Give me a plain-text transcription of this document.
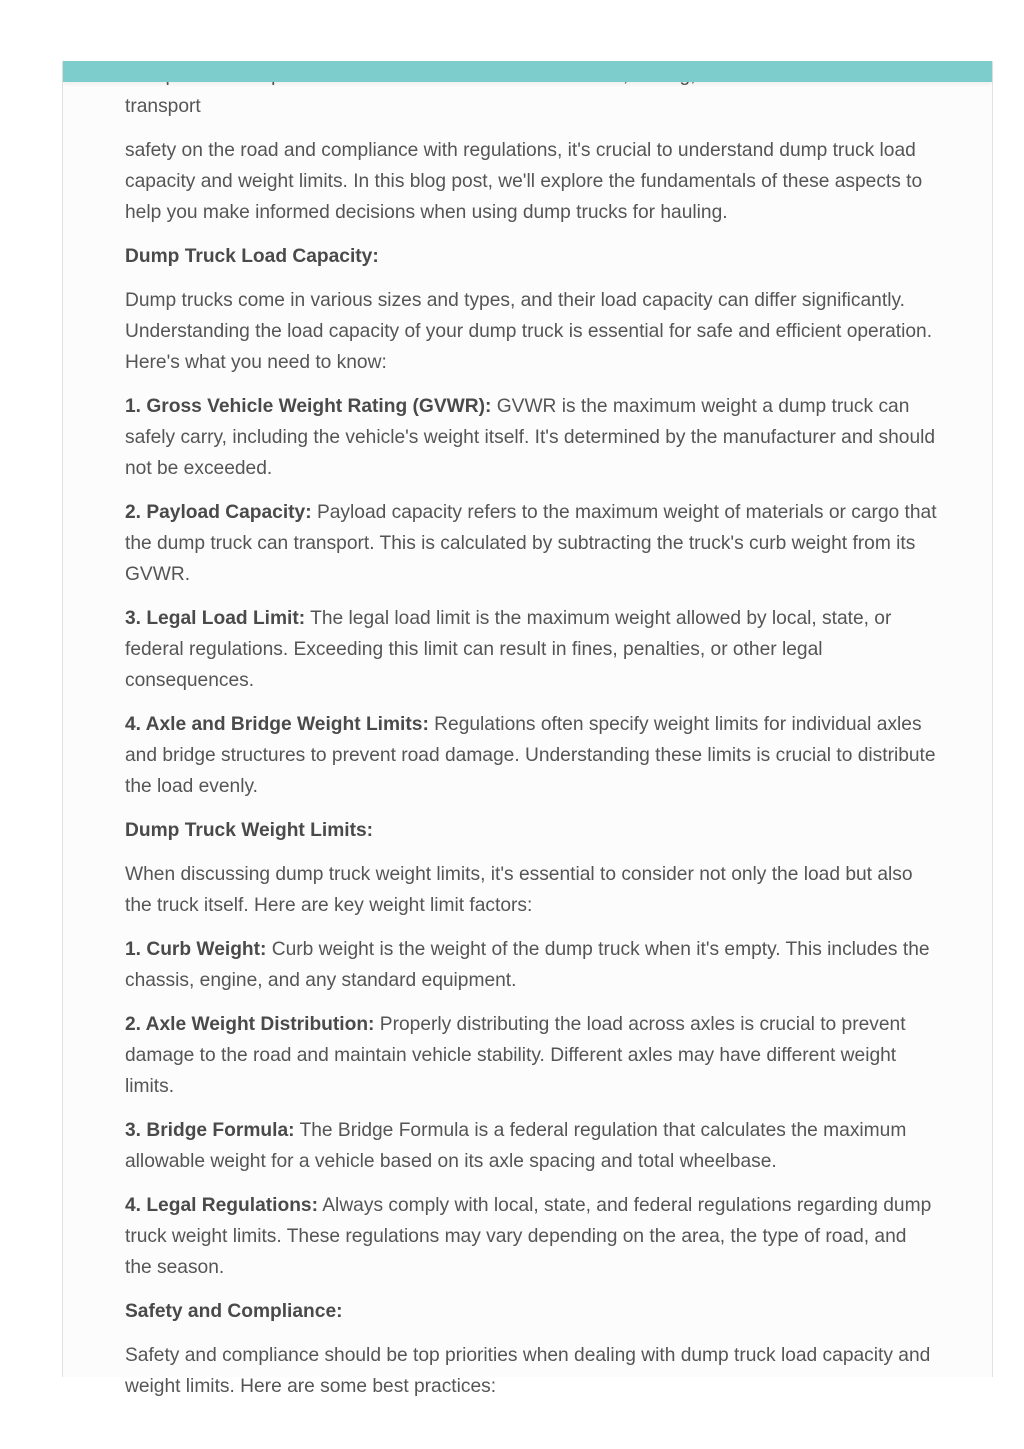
transport

safety on the road and compliance with regulations, it's crucial to understand dump truck load capacity and weight limits. In this blog post, we'll explore the fundamentals of these aspects to help you make informed decisions when using dump trucks for hauling.

Dump Truck Load Capacity:

Dump trucks come in various sizes and types, and their load capacity can differ significantly. Understanding the load capacity of your dump truck is essential for safe and efficient operation. Here's what you need to know:

1. Gross Vehicle Weight Rating (GVWR): GVWR is the maximum weight a dump truck can safely carry, including the vehicle's weight itself. It's determined by the manufacturer and should not be exceeded.

2. Payload Capacity: Payload capacity refers to the maximum weight of materials or cargo that the dump truck can transport. This is calculated by subtracting the truck's curb weight from its GVWR.

3. Legal Load Limit: The legal load limit is the maximum weight allowed by local, state, or federal regulations. Exceeding this limit can result in fines, penalties, or other legal consequences.

4. Axle and Bridge Weight Limits: Regulations often specify weight limits for individual axles and bridge structures to prevent road damage. Understanding these limits is crucial to distribute the load evenly.

Dump Truck Weight Limits:

When discussing dump truck weight limits, it's essential to consider not only the load but also the truck itself. Here are key weight limit factors:

1. Curb Weight: Curb weight is the weight of the dump truck when it's empty. This includes the chassis, engine, and any standard equipment.

2. Axle Weight Distribution: Properly distributing the load across axles is crucial to prevent damage to the road and maintain vehicle stability. Different axles may have different weight limits.

3. Bridge Formula: The Bridge Formula is a federal regulation that calculates the maximum allowable weight for a vehicle based on its axle spacing and total wheelbase.

4. Legal Regulations: Always comply with local, state, and federal regulations regarding dump truck weight limits. These regulations may vary depending on the area, the type of road, and the season.

Safety and Compliance:

Safety and compliance should be top priorities when dealing with dump truck load capacity and weight limits. Here are some best practices:
